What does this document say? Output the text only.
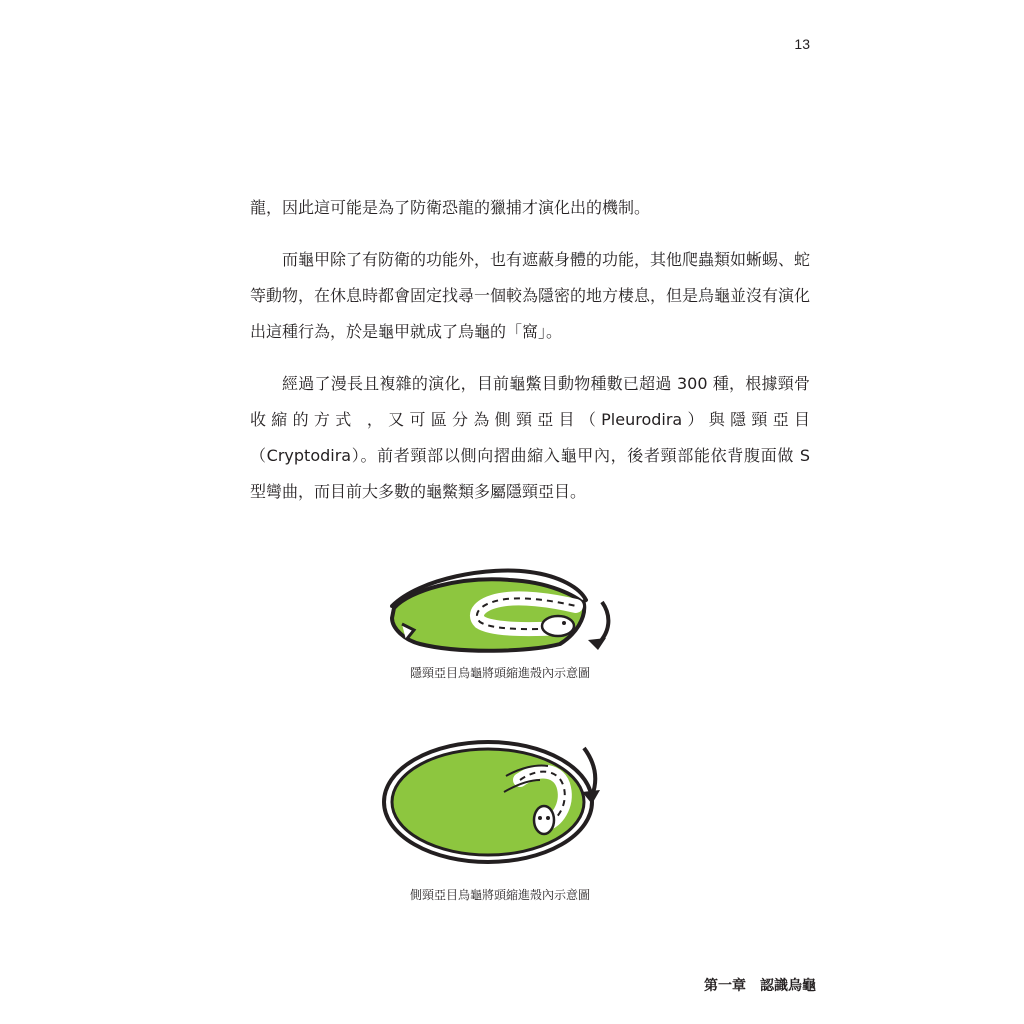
13

龍，因此這可能是為了防衛恐龍的獵捕才演化出的機制。

而龜甲除了有防衛的功能外，也有遮蔽身體的功能，其他爬蟲類如蜥蜴、蛇等動物，在休息時都會固定找尋一個較為隱密的地方棲息，但是烏龜並沒有演化出這種行為，於是龜甲就成了烏龜的「窩」。

經過了漫長且複雜的演化，目前龜鱉目動物種數已超過 300 種，根據頸骨收縮的方式 ，又可區分為側頸亞目（Pleurodira）與隱頸亞目（Cryptodira）。前者頸部以側向摺曲縮入龜甲內，後者頸部能依背腹面做 S 型彎曲，而目前大多數的龜鱉類多屬隱頸亞目。

隱頸亞目烏龜將頭縮進殼內示意圖
側頸亞目烏龜將頭縮進殼內示意圖
第一章　認識烏龜
